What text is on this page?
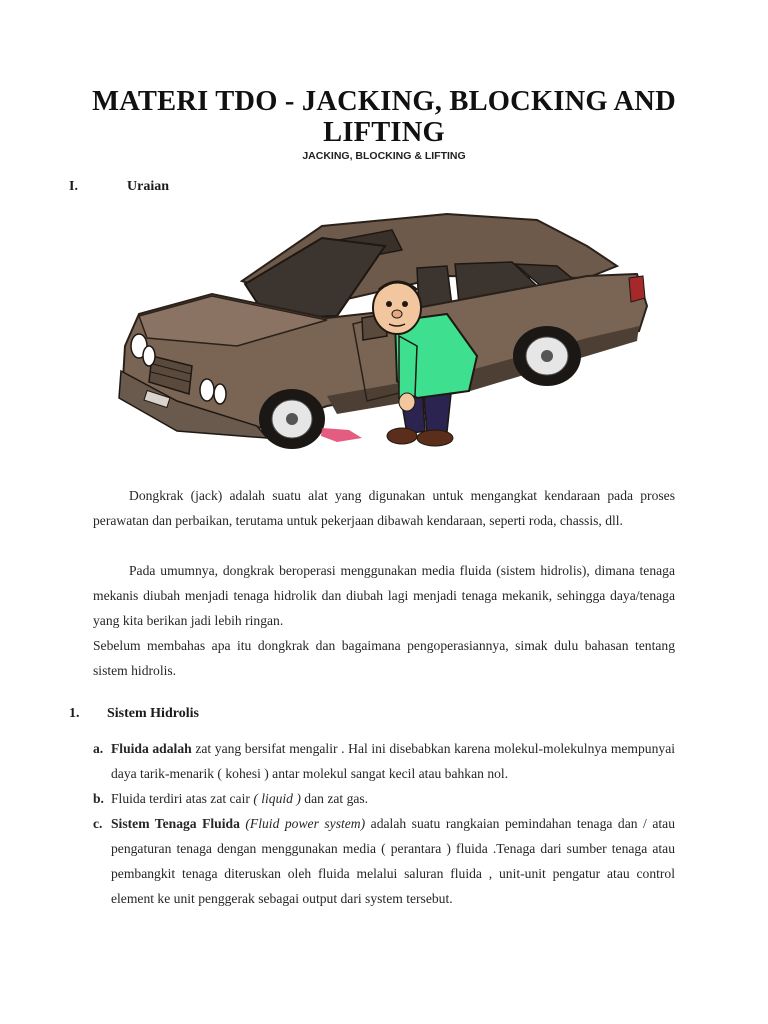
MATERI TDO - JACKING, BLOCKING AND LIFTING
JACKING, BLOCKING & LIFTING
I.	Uraian
Dongkrak (jack) adalah suatu alat yang digunakan untuk mengangkat kendaraan pada proses perawatan dan perbaikan, terutama untuk pekerjaan dibawah kendaraan, seperti roda, chassis, dll.
Pada umumnya, dongkrak beroperasi menggunakan media fluida (sistem hidrolis), dimana tenaga mekanis diubah menjadi tenaga hidrolik dan diubah lagi menjadi tenaga mekanik, sehingga daya/tenaga yang kita berikan jadi lebih ringan.
Sebelum membahas apa itu dongkrak dan bagaimana pengoperasiannya, simak dulu bahasan tentang sistem hidrolis.
1. Sistem Hidrolis
a. Fluida adalah zat yang bersifat mengalir . Hal ini disebabkan karena molekul-molekulnya mempunyai daya tarik-menarik ( kohesi ) antar molekul sangat kecil atau bahkan nol.
b. Fluida terdiri atas zat cair ( liquid ) dan zat gas.
c. Sistem Tenaga Fluida (Fluid power system) adalah suatu rangkaian pemindahan tenaga dan / atau pengaturan tenaga dengan menggunakan media ( perantara ) fluida .Tenaga dari sumber tenaga atau pembangkit tenaga diteruskan oleh fluida melalui saluran fluida , unit-unit pengatur atau control element ke unit penggerak sebagai output dari system tersebut.
